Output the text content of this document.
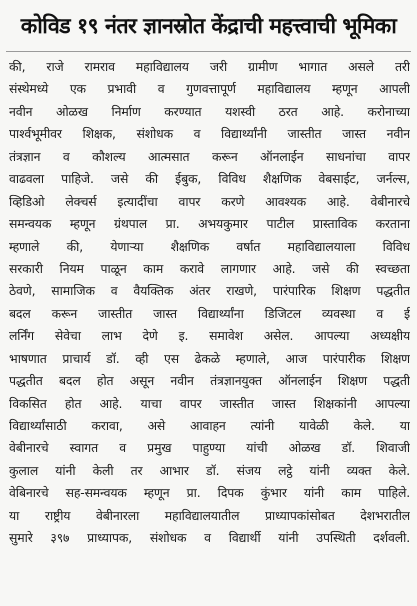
कोविड १९ नंतर ज्ञानस्रोत केंद्राची महत्त्वाची भूमिका
की, राजे रामराव महाविद्यालय जरी ग्रामीण भागात असले तरी
संस्थेमध्ये एक प्रभावी व गुणवत्तापूर्ण महाविद्यालय म्हणून आपली
नवीन ओळख निर्माण करण्यात यशस्वी ठरत आहे. करोनाच्या
पार्श्वभूमीवर शिक्षक, संशोधक व विद्यार्थ्यांनी जास्तीत जास्त नवीन
तंत्रज्ञान व कौशल्य आत्मसात करून ऑनलाईन साधनांचा वापर
वाढवला पाहिजे. जसे की ईबुक, विविध शैक्षणिक वेबसाईट, जर्नल्स,
व्हिडिओ लेक्चर्स इत्यादींचा वापर करणे आवश्यक आहे. वेबीनारचे
समन्वयक म्हणून ग्रंथपाल प्रा. अभयकुमार पाटील प्रास्ताविक करताना
म्हणाले की, येणाऱ्या शैक्षणिक वर्षात महाविद्यालयाला विविध
सरकारी नियम पाळून काम करावे लागणार आहे. जसे की स्वच्छता
ठेवणे, सामाजिक व वैयक्तिक अंतर राखणे, पारंपारिक शिक्षण पद्धतीत
बदल करून जास्तीत जास्त विद्यार्थ्यांना डिजिटल व्यवस्था व ई
लर्निंग सेवेचा लाभ देणे इ. समावेश असेल. आपल्या अध्यक्षीय
भाषणात प्राचार्य डॉ. व्ही एस ढेकळे म्हणाले, आज पारंपारीक शिक्षण
पद्धतीत बदल होत असून नवीन तंत्रज्ञानयुक्त ऑनलाईन शिक्षण पद्धती
विकसित होत आहे. याचा वापर जास्तीत जास्त शिक्षकांनी आपल्या
विद्यार्थ्यांसाठी करावा, असे आवाहन त्यांनी यावेळी केले. या
वेबीनारचे स्वागत व प्रमुख पाहुण्या यांची ओळख डॉ. शिवाजी
कुलाल यांनी केली तर आभार डॉ. संजय लट्ठे यांनी व्यक्त केले.
वेबिनारचे सह-समन्वयक म्हणून प्रा. दिपक कुंभार यांनी काम पाहिले.
या राष्ट्रीय वेबीनारला महाविद्यालयातील प्राध्यापकांसोबत देशभरातील
सुमारे ३९७ प्राध्यापक, संशोधक व विद्यार्थी यांनी उपस्थिती दर्शवली.
